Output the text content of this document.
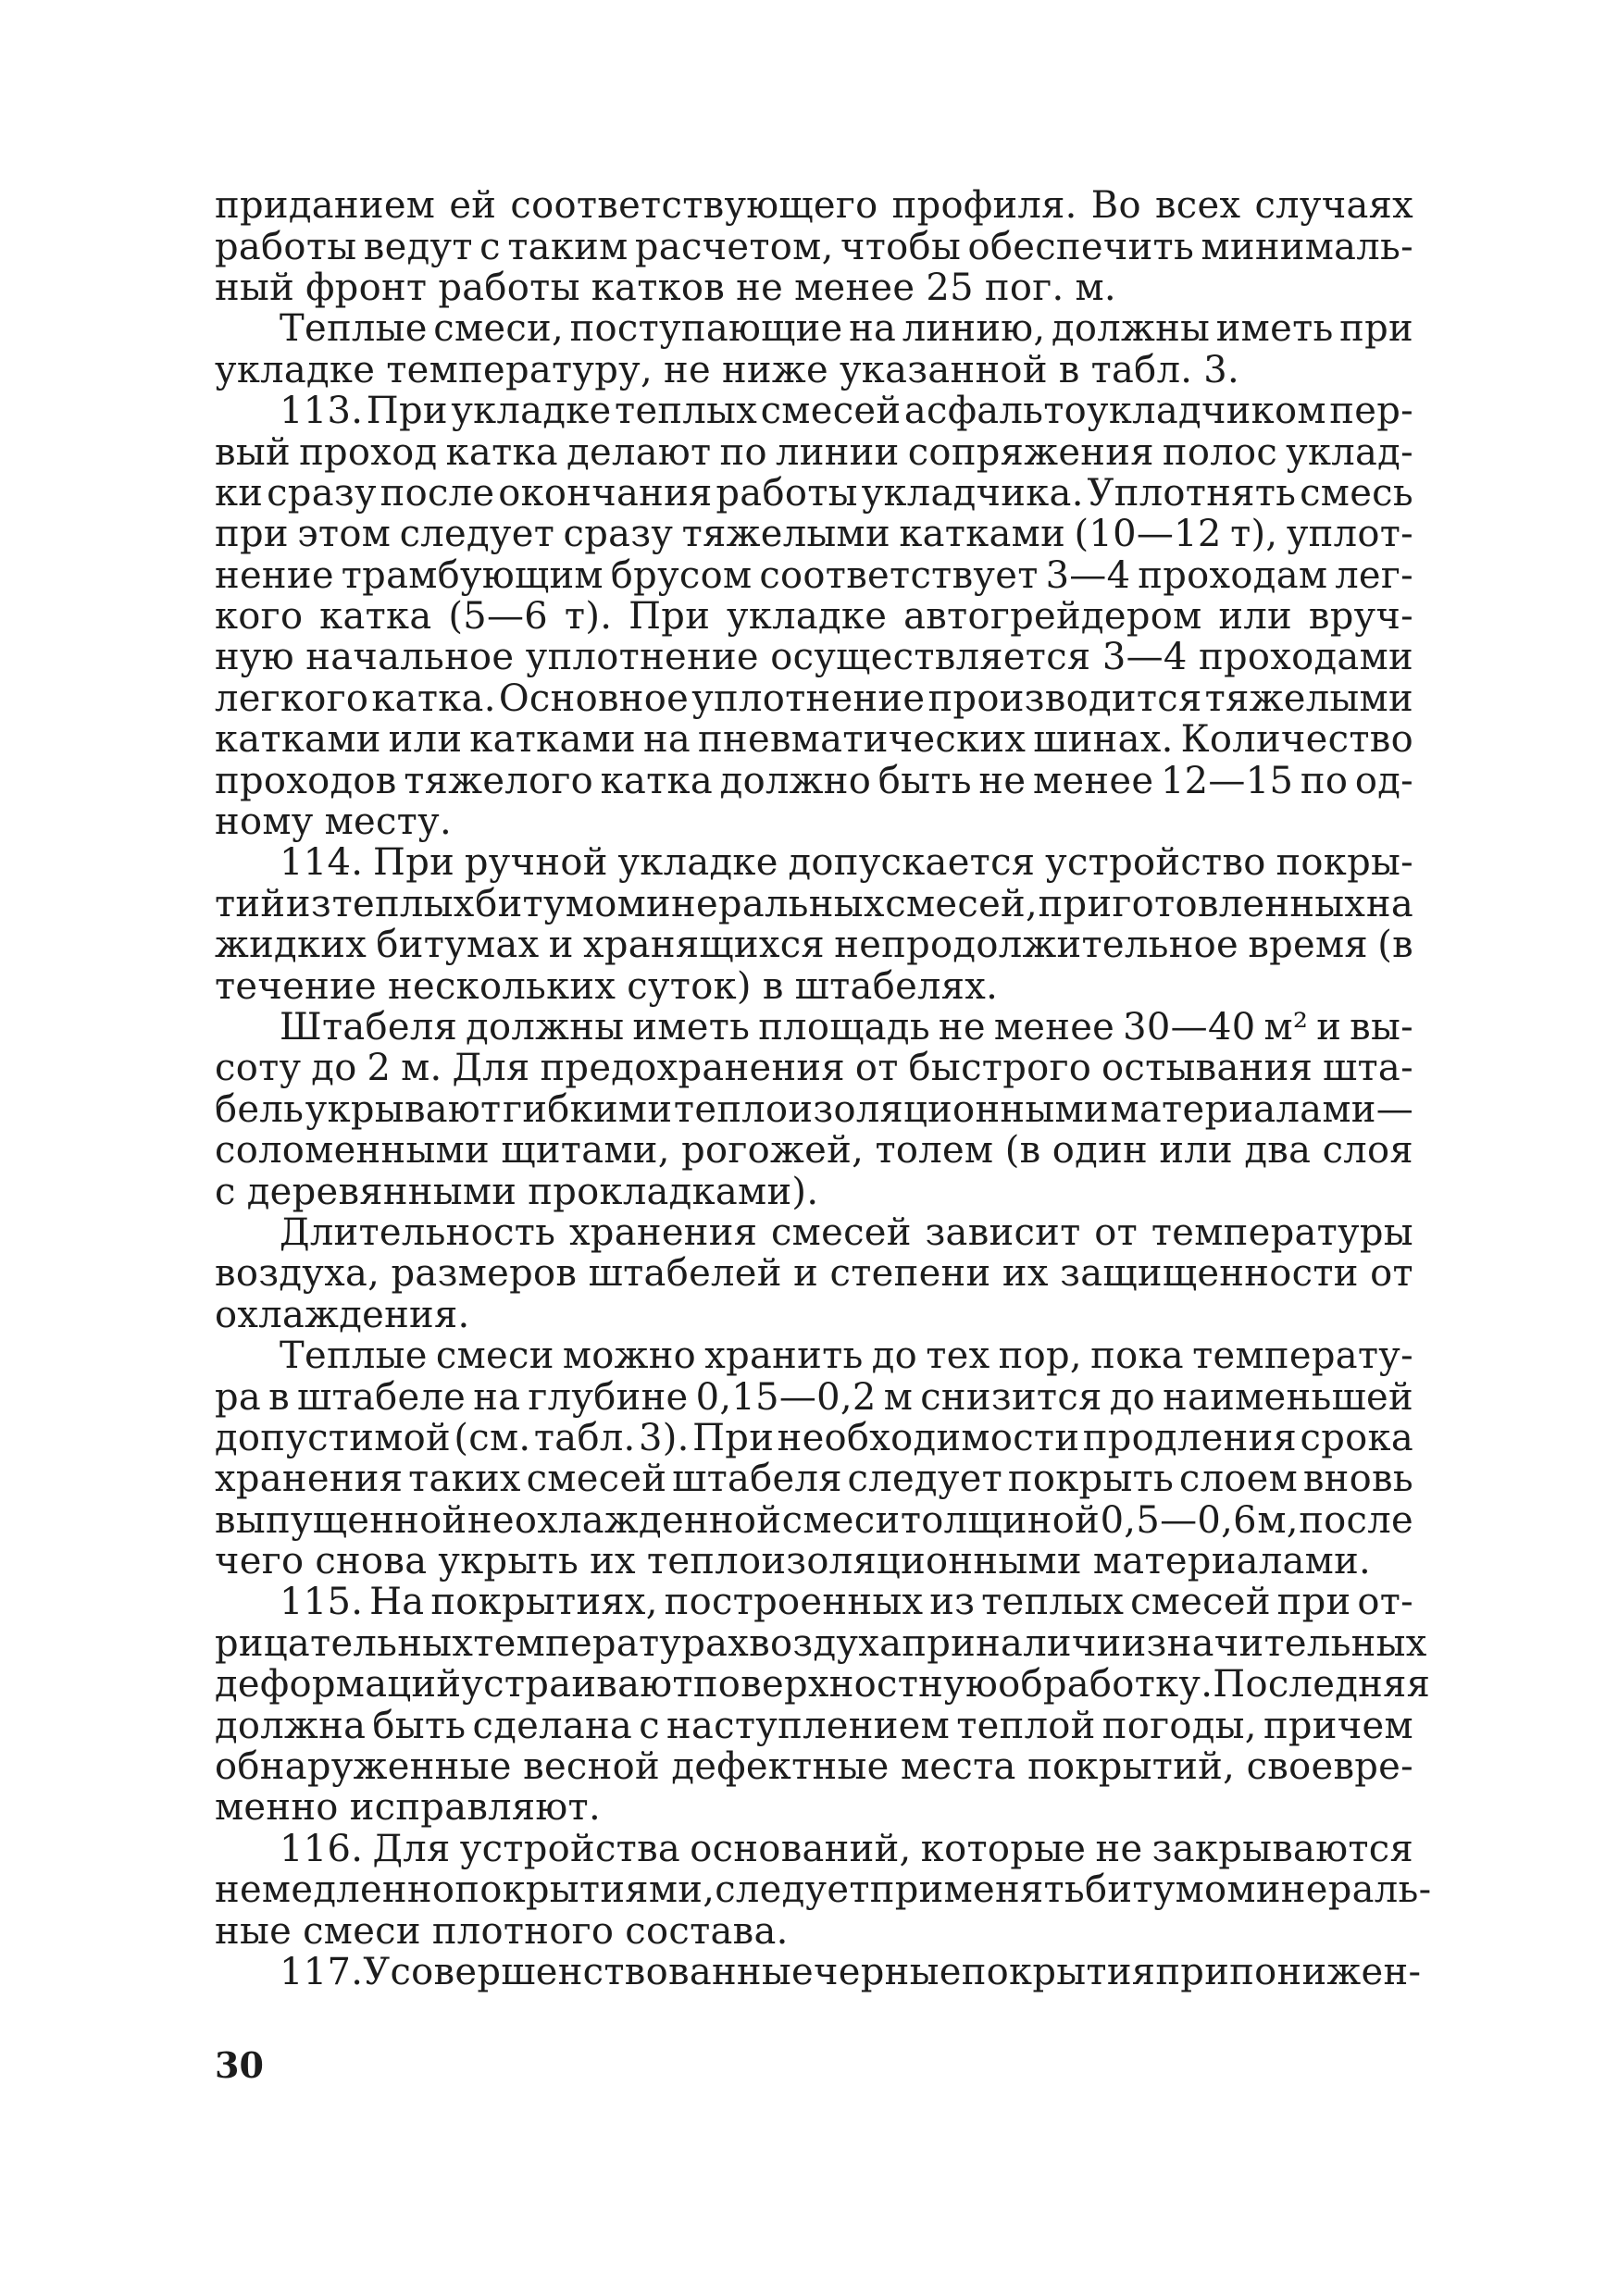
приданием ей соответствующего профиля. Во всех случаях
работы ведут с таким расчетом, чтобы обеспечить минималь-
ный фронт работы катков не менее 25 пог. м.
Теплые смеси, поступающие на линию, должны иметь при
укладке температуру, не ниже указанной в табл. 3.
113. При укладке теплых смесей асфальтоукладчиком пер-
вый проход катка делают по линии сопряжения полос уклад-
ки сразу после окончания работы укладчика. Уплотнять смесь
при этом следует сразу тяжелыми катками (10—12 т), уплот-
нение трамбующим брусом соответствует 3—4 проходам лег-
кого катка (5—6 т). При укладке автогрейдером или вруч-
ную начальное уплотнение осуществляется 3—4 проходами
легкого катка. Основное уплотнение производится тяжелыми
катками или катками на пневматических шинах. Количество
проходов тяжелого катка должно быть не менее 12—15 по од-
ному месту.
114. При ручной укладке допускается устройство покры-
тий из теплых битумоминеральных смесей, приготовленных на
жидких битумах и хранящихся непродолжительное время (в
течение нескольких суток) в штабелях.
Штабеля должны иметь площадь не менее 30—40 м² и вы-
соту до 2 м. Для предохранения от быстрого остывания шта-
бель укрывают гибкими теплоизоляционными материалами—
соломенными щитами, рогожей, толем (в один или два слоя
с деревянными прокладками).
Длительность хранения смесей зависит от температуры
воздуха, размеров штабелей и степени их защищенности от
охлаждения.
Теплые смеси можно хранить до тех пор, пока температу-
ра в штабеле на глубине 0,15—0,2 м снизится до наименьшей
допустимой (см. табл. 3). При необходимости продления срока
хранения таких смесей штабеля следует покрыть слоем вновь
выпущенной неохлажденной смеси толщиной 0,5—0,6 м, после
чего снова укрыть их теплоизоляционными материалами.
115. На покрытиях, построенных из теплых смесей при от-
рицательных температурах воздуха при наличии значительных
деформаций устраивают поверхностную обработку. Последняя
должна быть сделана с наступлением теплой погоды, причем
обнаруженные весной дефектные места покрытий, своевре-
менно исправляют.
116. Для устройства оснований, которые не закрываются
немедленно покрытиями, следует применять битумоминераль-
ные смеси плотного состава.
117. Усовершенствованные черные покрытия при понижен-
30
